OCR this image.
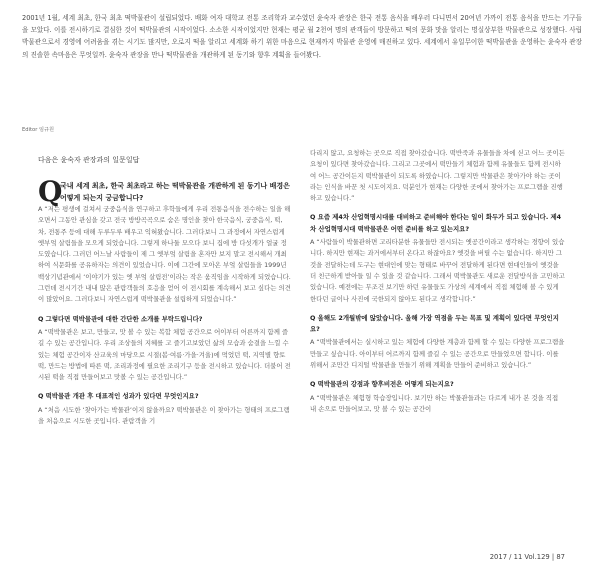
2001년 1월, 세계 최초, 한국 최초 떡박물관이 설립되었다. 배화 여자 대학교 전통 조리학과 교수였던 윤숙자 관장은 한국 전통 음식을 배우러 다니면서 20여년 가까이 전통 음식을 만드는 기구들을 모았다. 이를 전시하기로 결심한 것이 떡박물관의 시작이었다. 소소한 시작이었지만 현재는 평균 월 2천여 명의 관객들이 방문하고 떡의 문화 맛을 알리는 명실상부한 박물관으로 성장했다. 사립 박물관으로서 경영에 어려움을 겪는 시기도 많지만, 오로지 떡을 알리고 세계화 하기 위한 마음으로 현재까지 박물관 운영에 매진하고 있다. 세계에서 유일무이한 떡박물관을 운영하는 윤숙자 관장의 진솔한 속마음은 무엇일까. 윤숙자 관장을 만나 떡박물관을 개관하게 된 동기와 향후 계획을 들어봤다.
Editor 임규원
다음은 윤숙자 관장과의 일문일답
Q
국내 세계 최초, 한국 최초라고 하는 떡박물관을 개관하게 된 동기나 배경은 어떻게 되는지 궁금합니다?

A “저는 평생에 걸쳐서 궁중음식을 연구하고 후학들에게 우리 전통음식을 전수하는 일을 해오면서 그동안 관심을 갖고 전국 방방곡곡으로 숨은 명인을 찾아 한국음식, 궁중음식, 떡, 차, 전통주 등에 대해 두루두루 배우고 익혀왔습니다. 그러다보니 그 과정에서 자연스럽게 옛부엌 살림들을 모으게 되었습니다. 그렇게 하나둘 모으다 보니 집에 방 다섯개가 얼굴 정도였습니다. 그러던 어느날 사람들이 제 그 옛부엌 살림을 혼자만 보지 말고 전시해서 개최하여 식문화를 공유하자는 의견이 있었습니다. 이에 그간에 모아온 부엌 살림들을 1999년 백상기념관에서 ‘이야기가 있는 옛 부엌 살림전’이라는 작은 움직임을 시작하게 되었습니다. 그런데 전시기간 내내 많은 관람객들의 호응을 얻어 이 전시회를 계속해서 보고 싶다는 의견이 많았어요. 그러다보니 자연스럽게 떡박물관을 설립하게 되었습니다.”

Q 그렇다면 떡박물관에 대한 간단한 소개를 부탁드립니다?

A “떡박물관은 보고, 만들고, 맛 볼 수 있는 복합 체험 공간으로 어이부터 어른까지 함께 즐길 수 있는 공간입니다. 우리 조상들의 지혜를 고 즐기고보았던 삶의 모습과 숨결을 느낄 수 있는 체험 공간이자 산교육의 마당으로 시절(봄·여름·가을·겨울)에 먹었던 떡, 지역별 향토떡, 만드는 방법에 따른 떡, 조리과정에 필요한 조리기구 등을 전시하고 있습니다. 더불어 전시된 떡을 직접 만들어보고 맛볼 수 있는 공간입니다.”

Q 떡박물관 개관 후 대표적인 성과가 있다면 무엇인지요?

A “처음 시도한 ‘찾아가는 박물관’이지 않을까요? 떡박물관은 이 찾아가는 형태의 프로그램을 처음으로 시도한 곳입니다. 관람객을 기

다리지 않고, 요청하는 곳으로 직접 찾아갔습니다. 떡반죽과 유물들을 차에 싣고 어느 곳이든 요청이 있다면 찾아갔습니다. 그리고 그곳에서 떡만들기 체험과 함께 유물들도 함께 전시하여 어느 공간이든지 떡박물관이 되도록 하였습니다. 그렇지만 박물관은 찾아가야 하는 곳이라는 인식을 바꾼 첫 시도이지요. 덕분인가 현재는 다양한 곳에서 찾아가는 프로그램을 진행하고 있습니다.”

Q 요즘 제4차 산업혁명시대를 대비하고 준비해야 한다는 일이 화두가 되고 있습니다. 제4차 산업혁명시대 떡박물관은 어떤 준비를 하고 있는지요?

A “사람들이 박물관하면 고리타분한 유물들만 전시되는 옛공간이라고 생각하는 경향이 있습니다. 하지만 현재는 과거에서부터 온다고 하잖아요? 옛것을 버릴 수는 없습니다. 하지만 그것을 전달하는데 도구는 현대인에 맞는 형태로 바꾸어 전달하게 된다면 현대인들이 옛것을 더 친근하게 받아들 일 수 있을 것 같습니다. 그래서 떡박물관도 새로운 전달방식을 고민하고 있습니다. 예전에는 무조건 보기만 하던 유물들도 가상의 세계에서 직접 체험해 볼 수 있게 한다던 글이나 사진에 국한되지 않아도 된다고 생각합니다.”

Q 올해도 2개월밖에 않았습니다. 올해 가장 역점을 두는 목표 및 계획이 있다면 무엇인지요?

A “떡박물관에서는 실시하고 있는 체험에 다양한 계층과 함께 할 수 있는 다양한 프로그램을 만들고 싶습니다. 아이부터 어르까지 함께 즐길 수 있는 공간으로 만들었으면 합니다. 이를 위해서 조만간 디지털 박물관을 만들기 위해 계획을 만들어 준비하고 있습니다.”

Q 떡박물관의 강점과 향후비전은 어떻게 되는지요?

A “떡박물관은 체험형 학습장입니다. 보기만 하는 박물관들과는 다르게 내가 본 것을 직접 내 손으로 만들어보고, 맛 볼 수 있는 공간이

2017 / 11 Vol.129 | 87
